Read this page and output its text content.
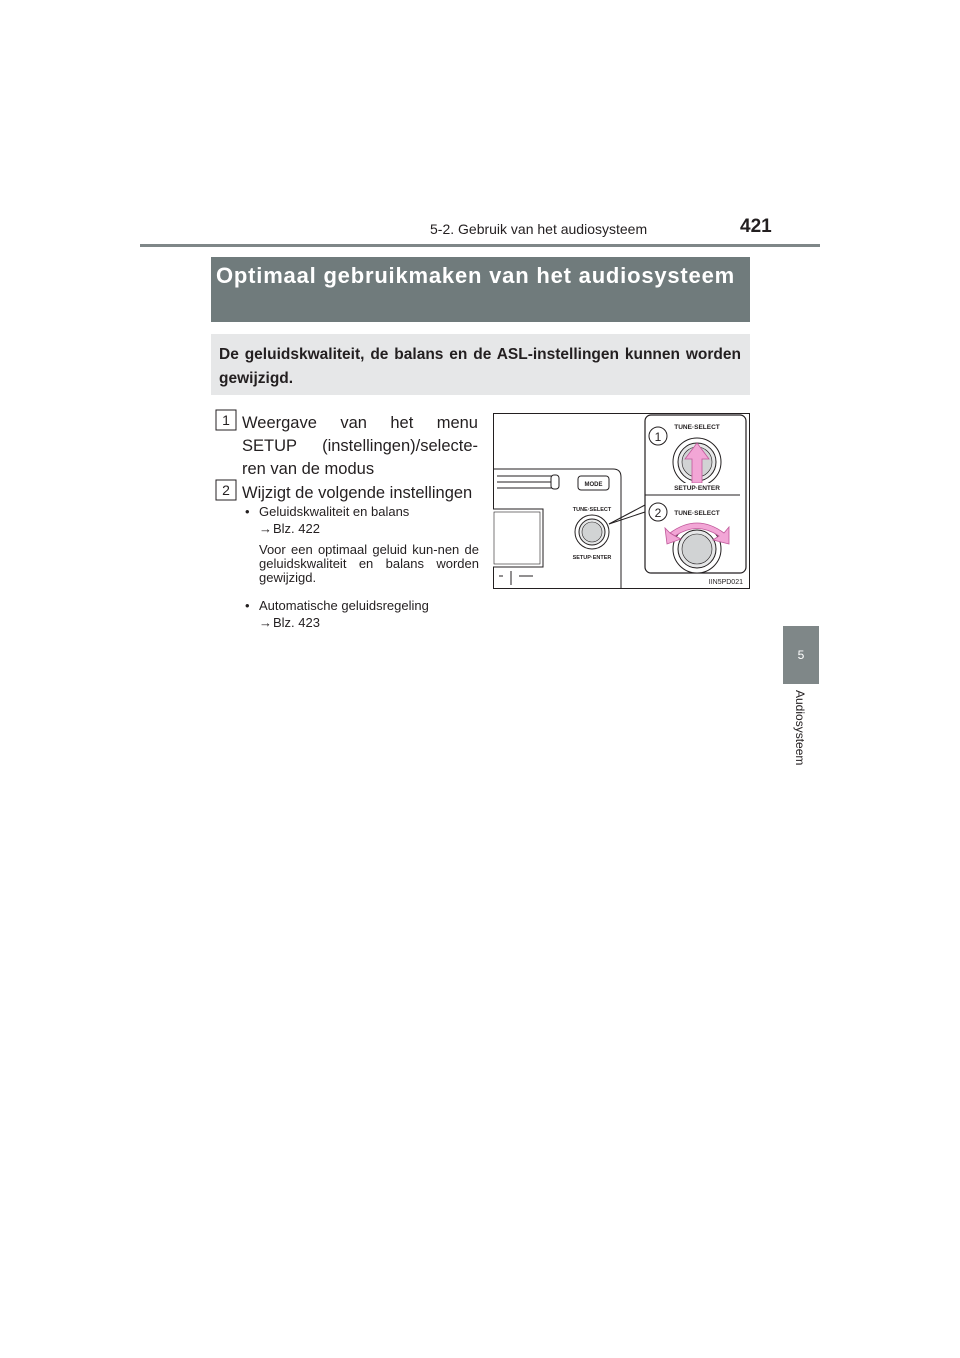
5-2. Gebruik van het audiosysteem	421
5
Audiosysteem
Optimaal gebruikmaken van het audiosysteem
De geluidskwaliteit, de balans en de ASL-instellingen kunnen worden gewijzigd.
1 Weergave van het menu SETUP (instellingen)/selecte-ren van de modus
2 Wijzigt de volgende instellingen
• Geluidskwaliteit en balans
→Blz. 422
Voor een optimaal geluid kun-nen de geluidskwaliteit en balans worden gewijzigd.
• Automatische geluidsregeling
→Blz. 423
MODE
TUNE·SELECT
SETUP·ENTER
1
TUNE·SELECT
SETUP·ENTER
2 TUNE·SELECT
IIN5PD021
